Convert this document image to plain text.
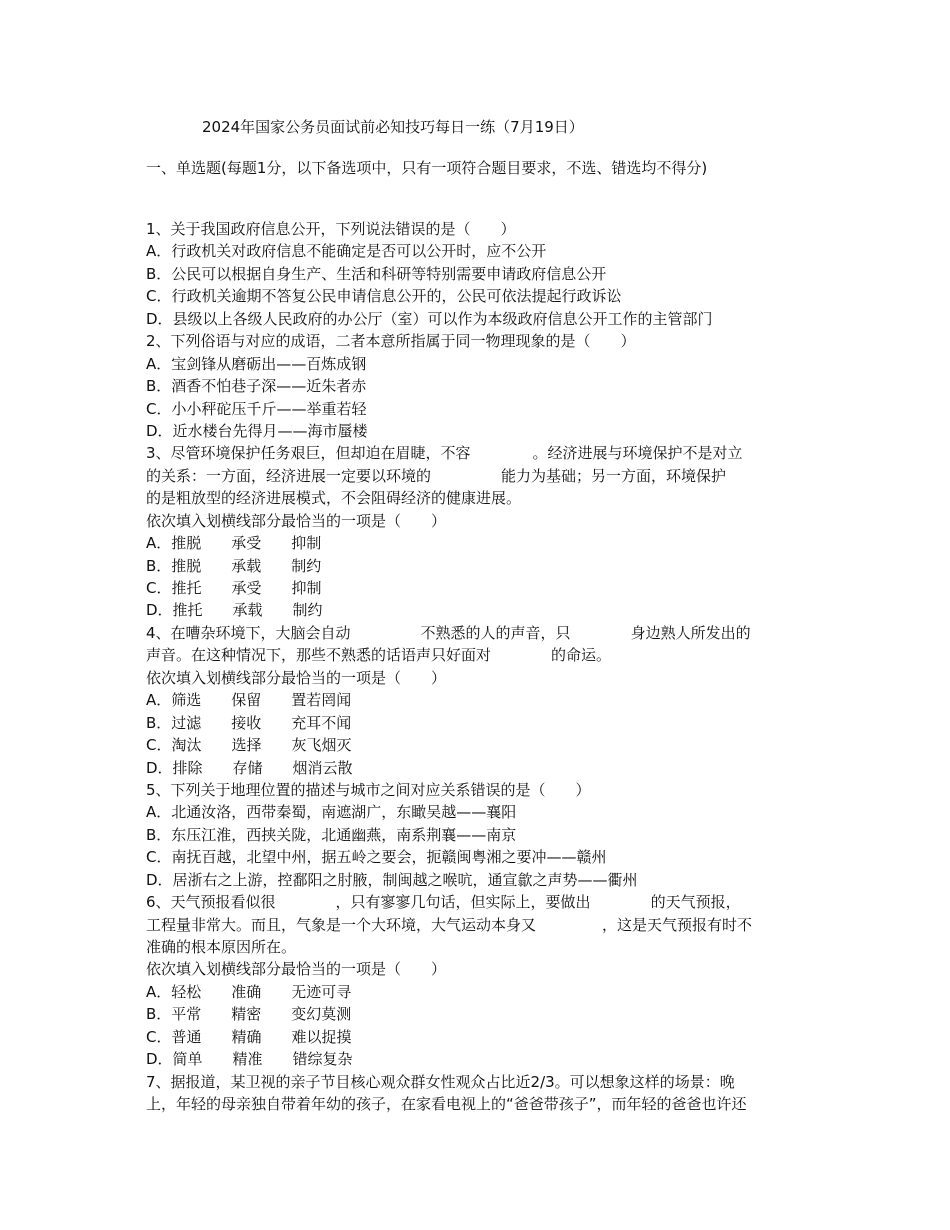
2024年国家公务员面试前必知技巧每日一练（7月19日）
一、单选题(每题1分，以下备选项中，只有一项符合题目要求，不选、错选均不得分)
1、关于我国政府信息公开，下列说法错误的是（　　）
A．行政机关对政府信息不能确定是否可以公开时，应不公开
B．公民可以根据自身生产、生活和科研等特别需要申请政府信息公开
C．行政机关逾期不答复公民申请信息公开的，公民可依法提起行政诉讼
D．县级以上各级人民政府的办公厅（室）可以作为本级政府信息公开工作的主管部门
2、下列俗语与对应的成语，二者本意所指属于同一物理现象的是（　　）
A．宝剑锋从磨砺出——百炼成钢
B．酒香不怕巷子深——近朱者赤
C．小小秤砣压千斤——举重若轻
D．近水楼台先得月——海市蜃楼
3、尽管环境保护任务艰巨，但却迫在眉睫，不容	。经济进展与环境保护不是对立
的关系：一方面，经济进展一定要以环境的	能力为基础；另一方面，环境保护
的是粗放型的经济进展模式，不会阻碍经济的健康进展。
依次填入划横线部分最恰当的一项是（　　）
A．推脱　　承受　　抑制
B．推脱　　承载　　制约
C．推托　　承受　　抑制
D．推托　　承载　　制约
4、在嘈杂环境下，大脑会自动	不熟悉的人的声音，只	身边熟人所发出的
声音。在这种情况下，那些不熟悉的话语声只好面对	的命运。
依次填入划横线部分最恰当的一项是（　　）
A．筛选　　保留　　置若罔闻
B．过滤　　接收　　充耳不闻
C．淘汰　　选择　　灰飞烟灭
D．排除　　存储　　烟消云散
5、下列关于地理位置的描述与城市之间对应关系错误的是（　　）
A．北通汝洛，西带秦蜀，南遮湖广，东瞰吴越——襄阳
B．东压江淮，西挟关陇，北通幽燕，南系荆襄——南京
C．南抚百越，北望中州，据五岭之要会，扼赣闽粤湘之要冲——赣州
D．居浙右之上游，控鄱阳之肘腋，制闽越之喉吭，通宣歙之声势——衢州
6、天气预报看似很	，只有寥寥几句话，但实际上，要做出	的天气预报，
工程量非常大。而且，气象是一个大环境，大气运动本身又	，这是天气预报有时不
准确的根本原因所在。
依次填入划横线部分最恰当的一项是（　　）
A．轻松　　准确　　无迹可寻
B．平常　　精密　　变幻莫测
C．普通　　精确　　难以捉摸
D．简单　　精准　　错综复杂
7、据报道，某卫视的亲子节目核心观众群女性观众占比近2/3。可以想象这样的场景：晚
上，年轻的母亲独自带着年幼的孩子，在家看电视上的“爸爸带孩子”，而年轻的爸爸也许还
